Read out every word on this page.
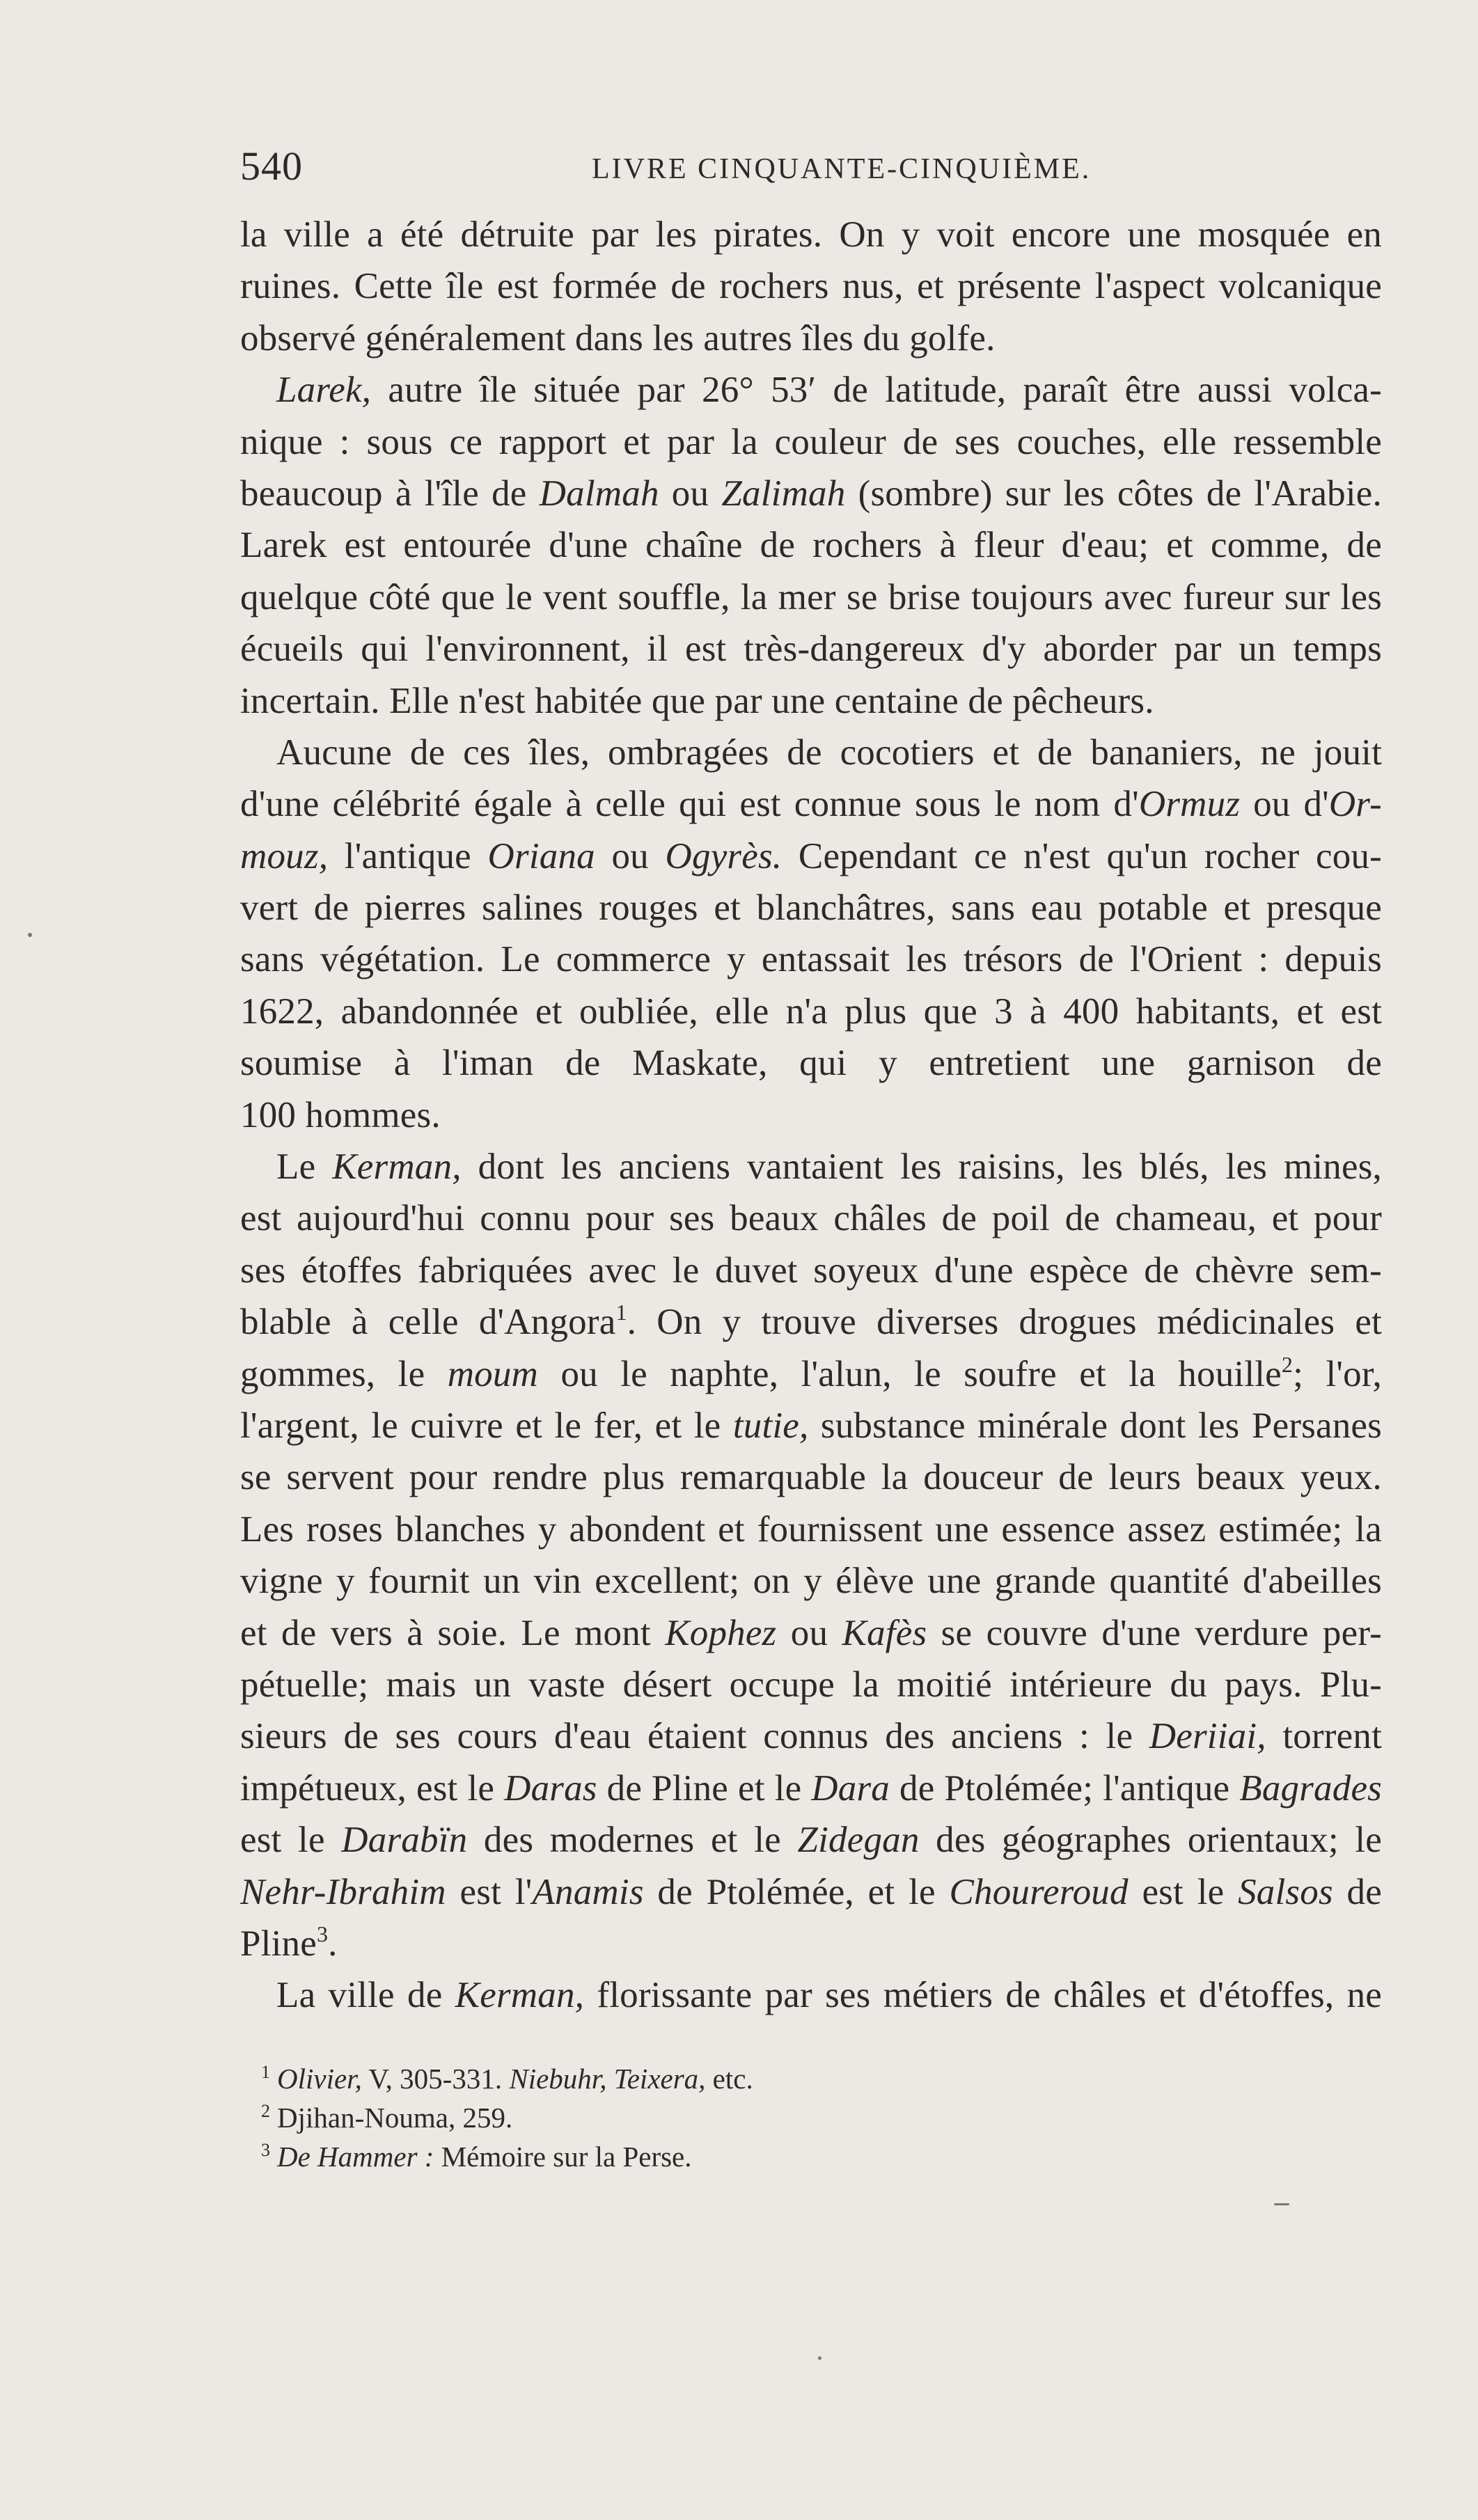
540	LIVRE CINQUANTE-CINQUIÈME.
la ville a été détruite par les pirates. On y voit encore une mosquée en
ruines. Cette île est formée de rochers nus, et présente l'aspect volcanique
observé généralement dans les autres îles du golfe.
Larek, autre île située par 26° 53′ de latitude, paraît être aussi volca-
nique : sous ce rapport et par la couleur de ses couches, elle ressemble
beaucoup à l'île de Dalmah ou Zalimah (sombre) sur les côtes de l'Arabie.
Larek est entourée d'une chaîne de rochers à fleur d'eau; et comme, de
quelque côté que le vent souffle, la mer se brise toujours avec fureur sur les
écueils qui l'environnent, il est très-dangereux d'y aborder par un temps
incertain. Elle n'est habitée que par une centaine de pêcheurs.
Aucune de ces îles, ombragées de cocotiers et de bananiers, ne jouit
d'une célébrité égale à celle qui est connue sous le nom d'Ormuz ou d'Or-
mouz, l'antique Oriana ou Ogyrès. Cependant ce n'est qu'un rocher cou-
vert de pierres salines rouges et blanchâtres, sans eau potable et presque
sans végétation. Le commerce y entassait les trésors de l'Orient : depuis
1622, abandonnée et oubliée, elle n'a plus que 3 à 400 habitants, et est
soumise à l'iman de Maskate, qui y entretient une garnison de
100 hommes.
Le Kerman, dont les anciens vantaient les raisins, les blés, les mines,
est aujourd'hui connu pour ses beaux châles de poil de chameau, et pour
ses étoffes fabriquées avec le duvet soyeux d'une espèce de chèvre sem-
blable à celle d'Angora$^1$. On y trouve diverses drogues médicinales et
gommes, le moum ou le naphte, l'alun, le soufre et la houille$^2$; l'or,
l'argent, le cuivre et le fer, et le tutie, substance minérale dont les Persanes
se servent pour rendre plus remarquable la douceur de leurs beaux yeux.
Les roses blanches y abondent et fournissent une essence assez estimée; la
vigne y fournit un vin excellent; on y élève une grande quantité d'abeilles
et de vers à soie. Le mont Kophez ou Kafès se couvre d'une verdure per-
pétuelle; mais un vaste désert occupe la moitié intérieure du pays. Plu-
sieurs de ses cours d'eau étaient connus des anciens : le Deriiai, torrent
impétueux, est le Daras de Pline et le Dara de Ptolémée; l'antique Bagrades
est le Darabïn des modernes et le Zidegan des géographes orientaux; le
Nehr-Ibrahim est l'Anamis de Ptolémée, et le Choureroud est le Salsos de
Pline$^3$.
La ville de Kerman, florissante par ses métiers de châles et d'étoffes, ne
$^1$ Olivier, V, 305-331. Niebuhr, Teixera, etc.
$^2$ Djihan-Nouma, 259.
$^3$ De Hammer : Mémoire sur la Perse.
